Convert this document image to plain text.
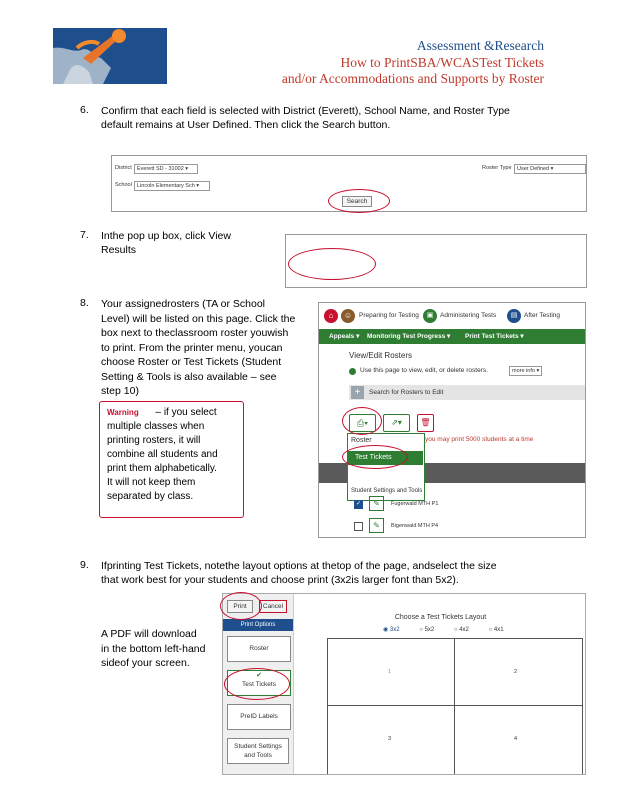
Assessment &Research
How to PrintSBA/WCASTest Tickets
and/or Accommodations and Supports by Roster
6. Confirm that each field is selected with District (Everett), School Name, and Roster Type
default remains at User Defined. Then click the Search button.
District Everett SD - 31002 ▾
School Lincoln Elementary Sch ▾
Roster Type User Defined ▾
Search
7. Inthe pop up box, click View
Results
8. Your assignedrosters (TA or School
Level) will be listed on this page. Click the
box next to theclassroom roster youwish
to print. From the printer menu, youcan
choose Roster or Test Tickets (Student
Setting & Tools is also available – see
step 10)
Warning – if you select
multiple classes when
printing rosters, it will
combine all students and
print them alphabetically.
It will not keep them
separated by class.
⌂	☺	Preparing for Testing	▣	Administering Tests	▤	After Testing
Appeals ▾ Monitoring Test Progress ▾ Print Test Tickets ▾
View/Edit Rosters
Use this page to view, edit, or delete rosters.	more info ▾
+	Search for Rosters to Edit
⎙▾	⇗▾	🗑
you may print 5000 students at a time
Roster
Test Tickets
PreID Labels
Student Settings and Tools
✓	✎	Fugerwald MTH P1
✎	Bigenwald MTH P4
9. Ifprinting Test Tickets, notethe layout options at thetop of the page, andselect the size
that work best for your students and choose print (3x2is larger font than 5x2).
A PDF will download
in the bottom left-hand
sideof your screen.
Print	Cancel
Print Options
Roster
✔
Test Tickets
PreID Labels
Student Settings and Tools
Choose a Test Tickets Layout
◉ 3x2	○ 5x2	○ 4x2	○ 4x1
1	2
3	4
